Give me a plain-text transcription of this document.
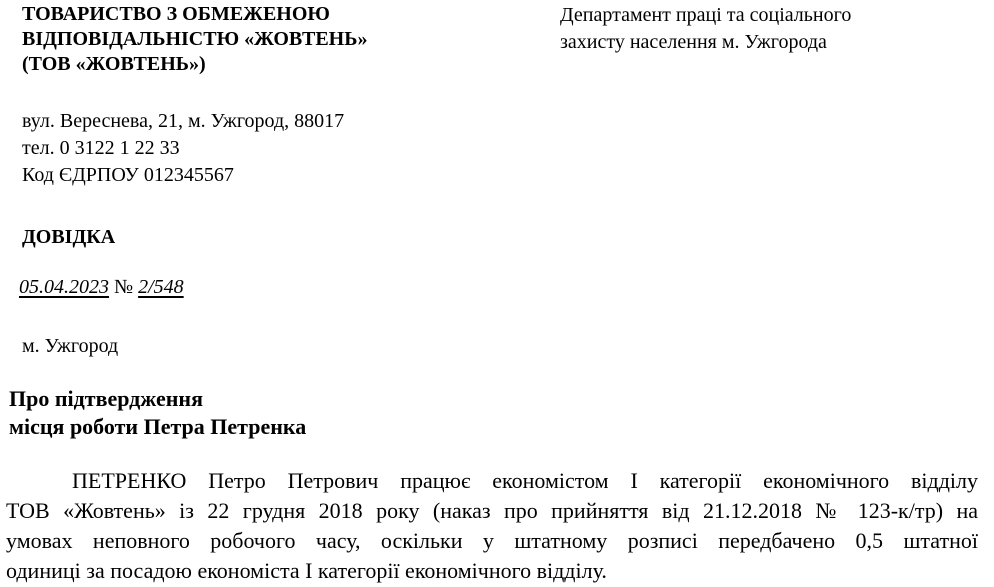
ТОВАРИСТВО З ОБМЕЖЕНОЮ
ВІДПОВІДАЛЬНІСТЮ «ЖОВТЕНЬ»
(ТОВ «ЖОВТЕНЬ»)
Департамент праці та соціального
захисту населення м. Ужгорода
вул. Вереснева, 21, м. Ужгород, 88017
тел. 0 3122 1 22 33
Код ЄДРПОУ 012345567
ДОВІДКА
05.04.2023 № 2/548
м. Ужгород
Про підтвердження
місця роботи Петра Петренка
ПЕТРЕНКО Петро Петрович працює економістом І категорії економічного відділу
ТОВ «Жовтень» із 22 грудня 2018 року (наказ про прийняття від 21.12.2018 № 123-к/тр) на
умовах неповного робочого часу, оскільки у штатному розписі передбачено 0,5 штатної
одиниці за посадою економіста І категорії економічного відділу.
